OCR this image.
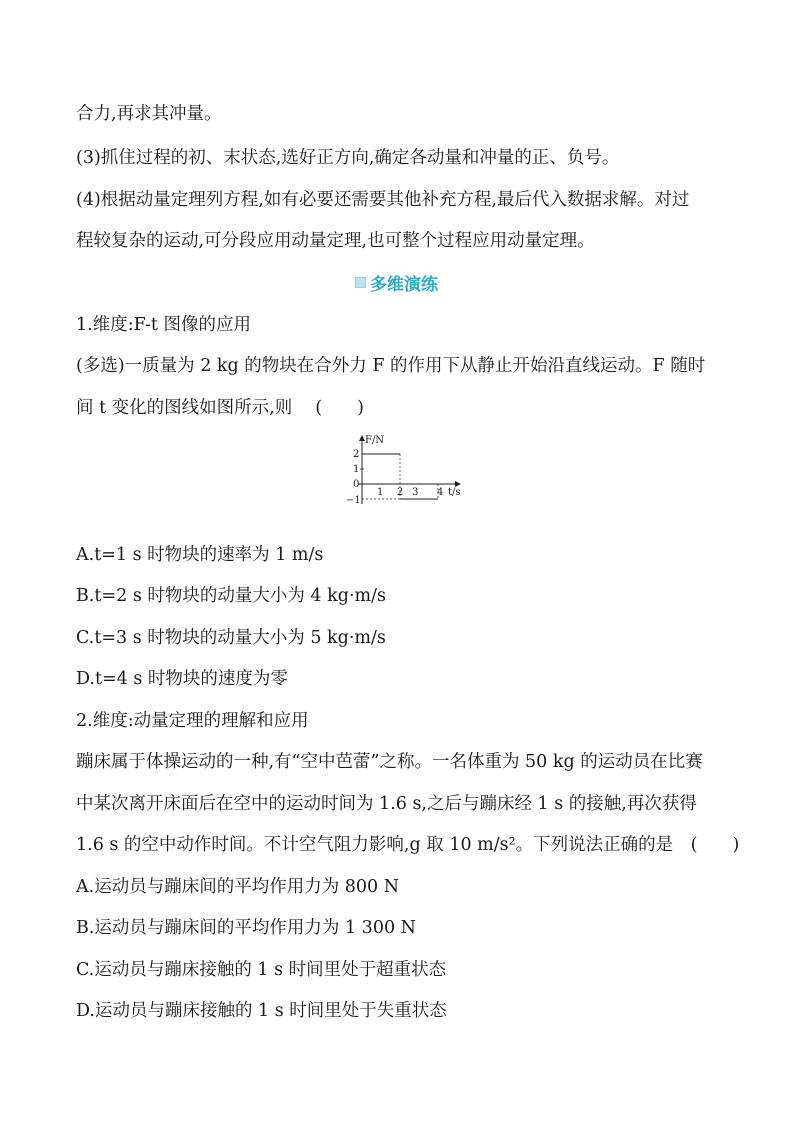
合力,再求其冲量。
(3)抓住过程的初、末状态,选好正方向,确定各动量和冲量的正、负号。
(4)根据动量定理列方程,如有必要还需要其他补充方程,最后代入数据求解。对过
程较复杂的运动,可分段应用动量定理,也可整个过程应用动量定理。
多维演练
1.维度:F-t 图像的应用
(多选)一质量为 2 kg 的物块在合外力 F 的作用下从静止开始沿直线运动。F 随时
间 t 变化的图线如图所示,则　 (　　)
F/N
t/s
2
1
0
−1
1 2 3 4
A.t=1 s 时物块的速率为 1 m/s
B.t=2 s 时物块的动量大小为 4 kg·m/s
C.t=3 s 时物块的动量大小为 5 kg·m/s
D.t=4 s 时物块的速度为零
2.维度:动量定理的理解和应用
蹦床属于体操运动的一种,有“空中芭蕾”之称。一名体重为 50 kg 的运动员在比赛
中某次离开床面后在空中的运动时间为 1.6 s,之后与蹦床经 1 s 的接触,再次获得
1.6 s 的空中动作时间。不计空气阻力影响,g 取 10 m/s²。下列说法正确的是　(　　)
A.运动员与蹦床间的平均作用力为 800 N
B.运动员与蹦床间的平均作用力为 1 300 N
C.运动员与蹦床接触的 1 s 时间里处于超重状态
D.运动员与蹦床接触的 1 s 时间里处于失重状态
